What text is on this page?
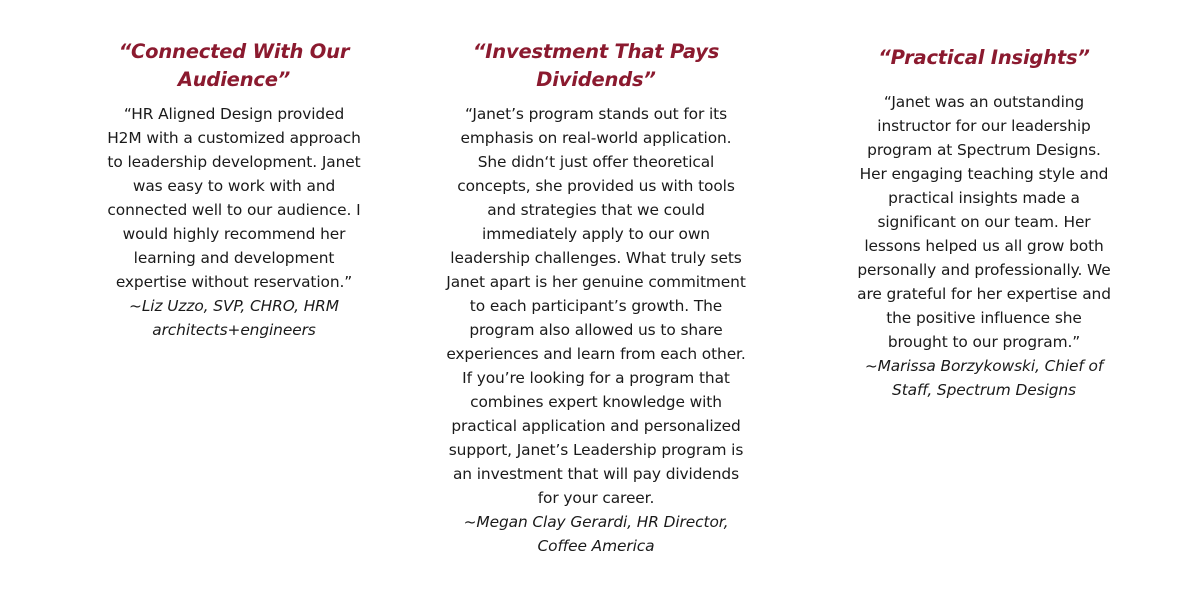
“Connected With Our
Audience”

“HR Aligned Design provided
H2M with a customized approach
to leadership development. Janet
was easy to work with and
connected well to our audience. I
would highly recommend her
learning and development
expertise without reservation.”

~Liz Uzzo, SVP, CHRO, HRM
architects+engineers

“Investment That Pays
Dividends”

“Janet’s program stands out for its
emphasis on real-world application.
She didn‘t just offer theoretical
concepts, she provided us with tools
and strategies that we could
immediately apply to our own
leadership challenges. What truly sets
Janet apart is her genuine commitment
to each participant’s growth. The
program also allowed us to share
experiences and learn from each other.
If you’re looking for a program that
combines expert knowledge with
practical application and personalized
support, Janet’s Leadership program is
an investment that will pay dividends
for your career.

~Megan Clay Gerardi, HR Director,
Coffee America

“Practical Insights”

“Janet was an outstanding
instructor for our leadership
program at Spectrum Designs.
Her engaging teaching style and
practical insights made a
significant on our team. Her
lessons helped us all grow both
personally and professionally. We
are grateful for her expertise and
the positive influence she
brought to our program.”

~Marissa Borzykowski, Chief of
Staff, Spectrum Designs
